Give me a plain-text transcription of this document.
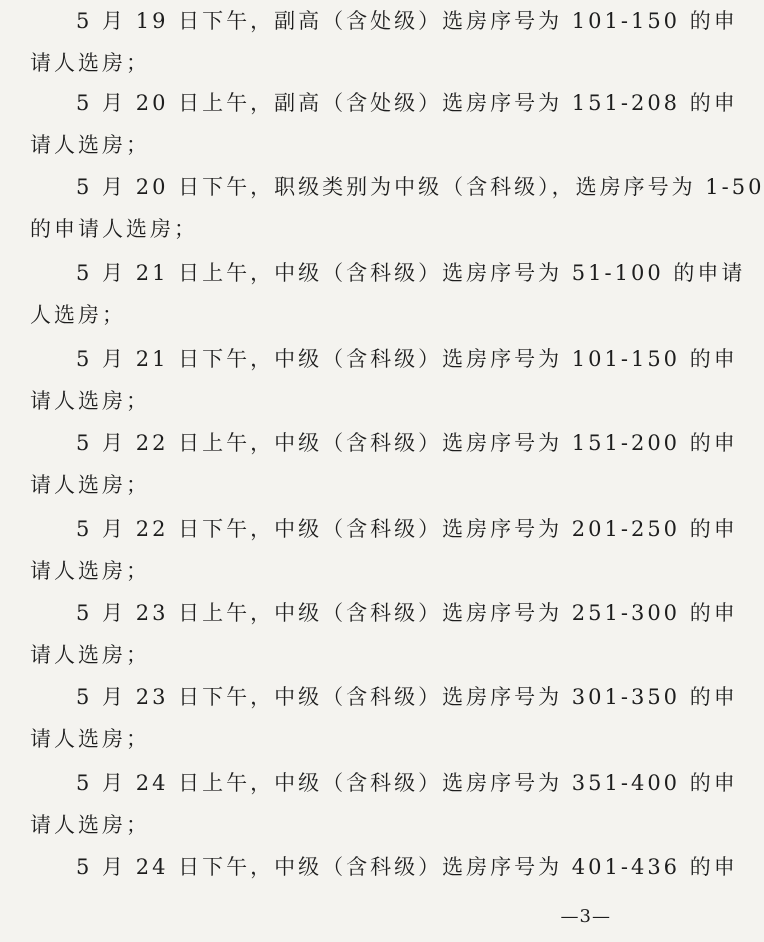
5 月 19 日下午，副高（含处级）选房序号为 101-150 的申
请人选房；

5 月 20 日上午，副高（含处级）选房序号为 151-208 的申
请人选房；

5 月 20 日下午，职级类别为中级（含科级），选房序号为 1-50
的申请人选房；

5 月 21 日上午，中级（含科级）选房序号为 51-100 的申请
人选房；

5 月 21 日下午，中级（含科级）选房序号为 101-150 的申
请人选房；

5 月 22 日上午，中级（含科级）选房序号为 151-200 的申
请人选房；

5 月 22 日下午，中级（含科级）选房序号为 201-250 的申
请人选房；

5 月 23 日上午，中级（含科级）选房序号为 251-300 的申
请人选房；

5 月 23 日下午，中级（含科级）选房序号为 301-350 的申
请人选房；

5 月 24 日上午，中级（含科级）选房序号为 351-400 的申
请人选房；

5 月 24 日下午，中级（含科级）选房序号为 401-436 的申

—3—
